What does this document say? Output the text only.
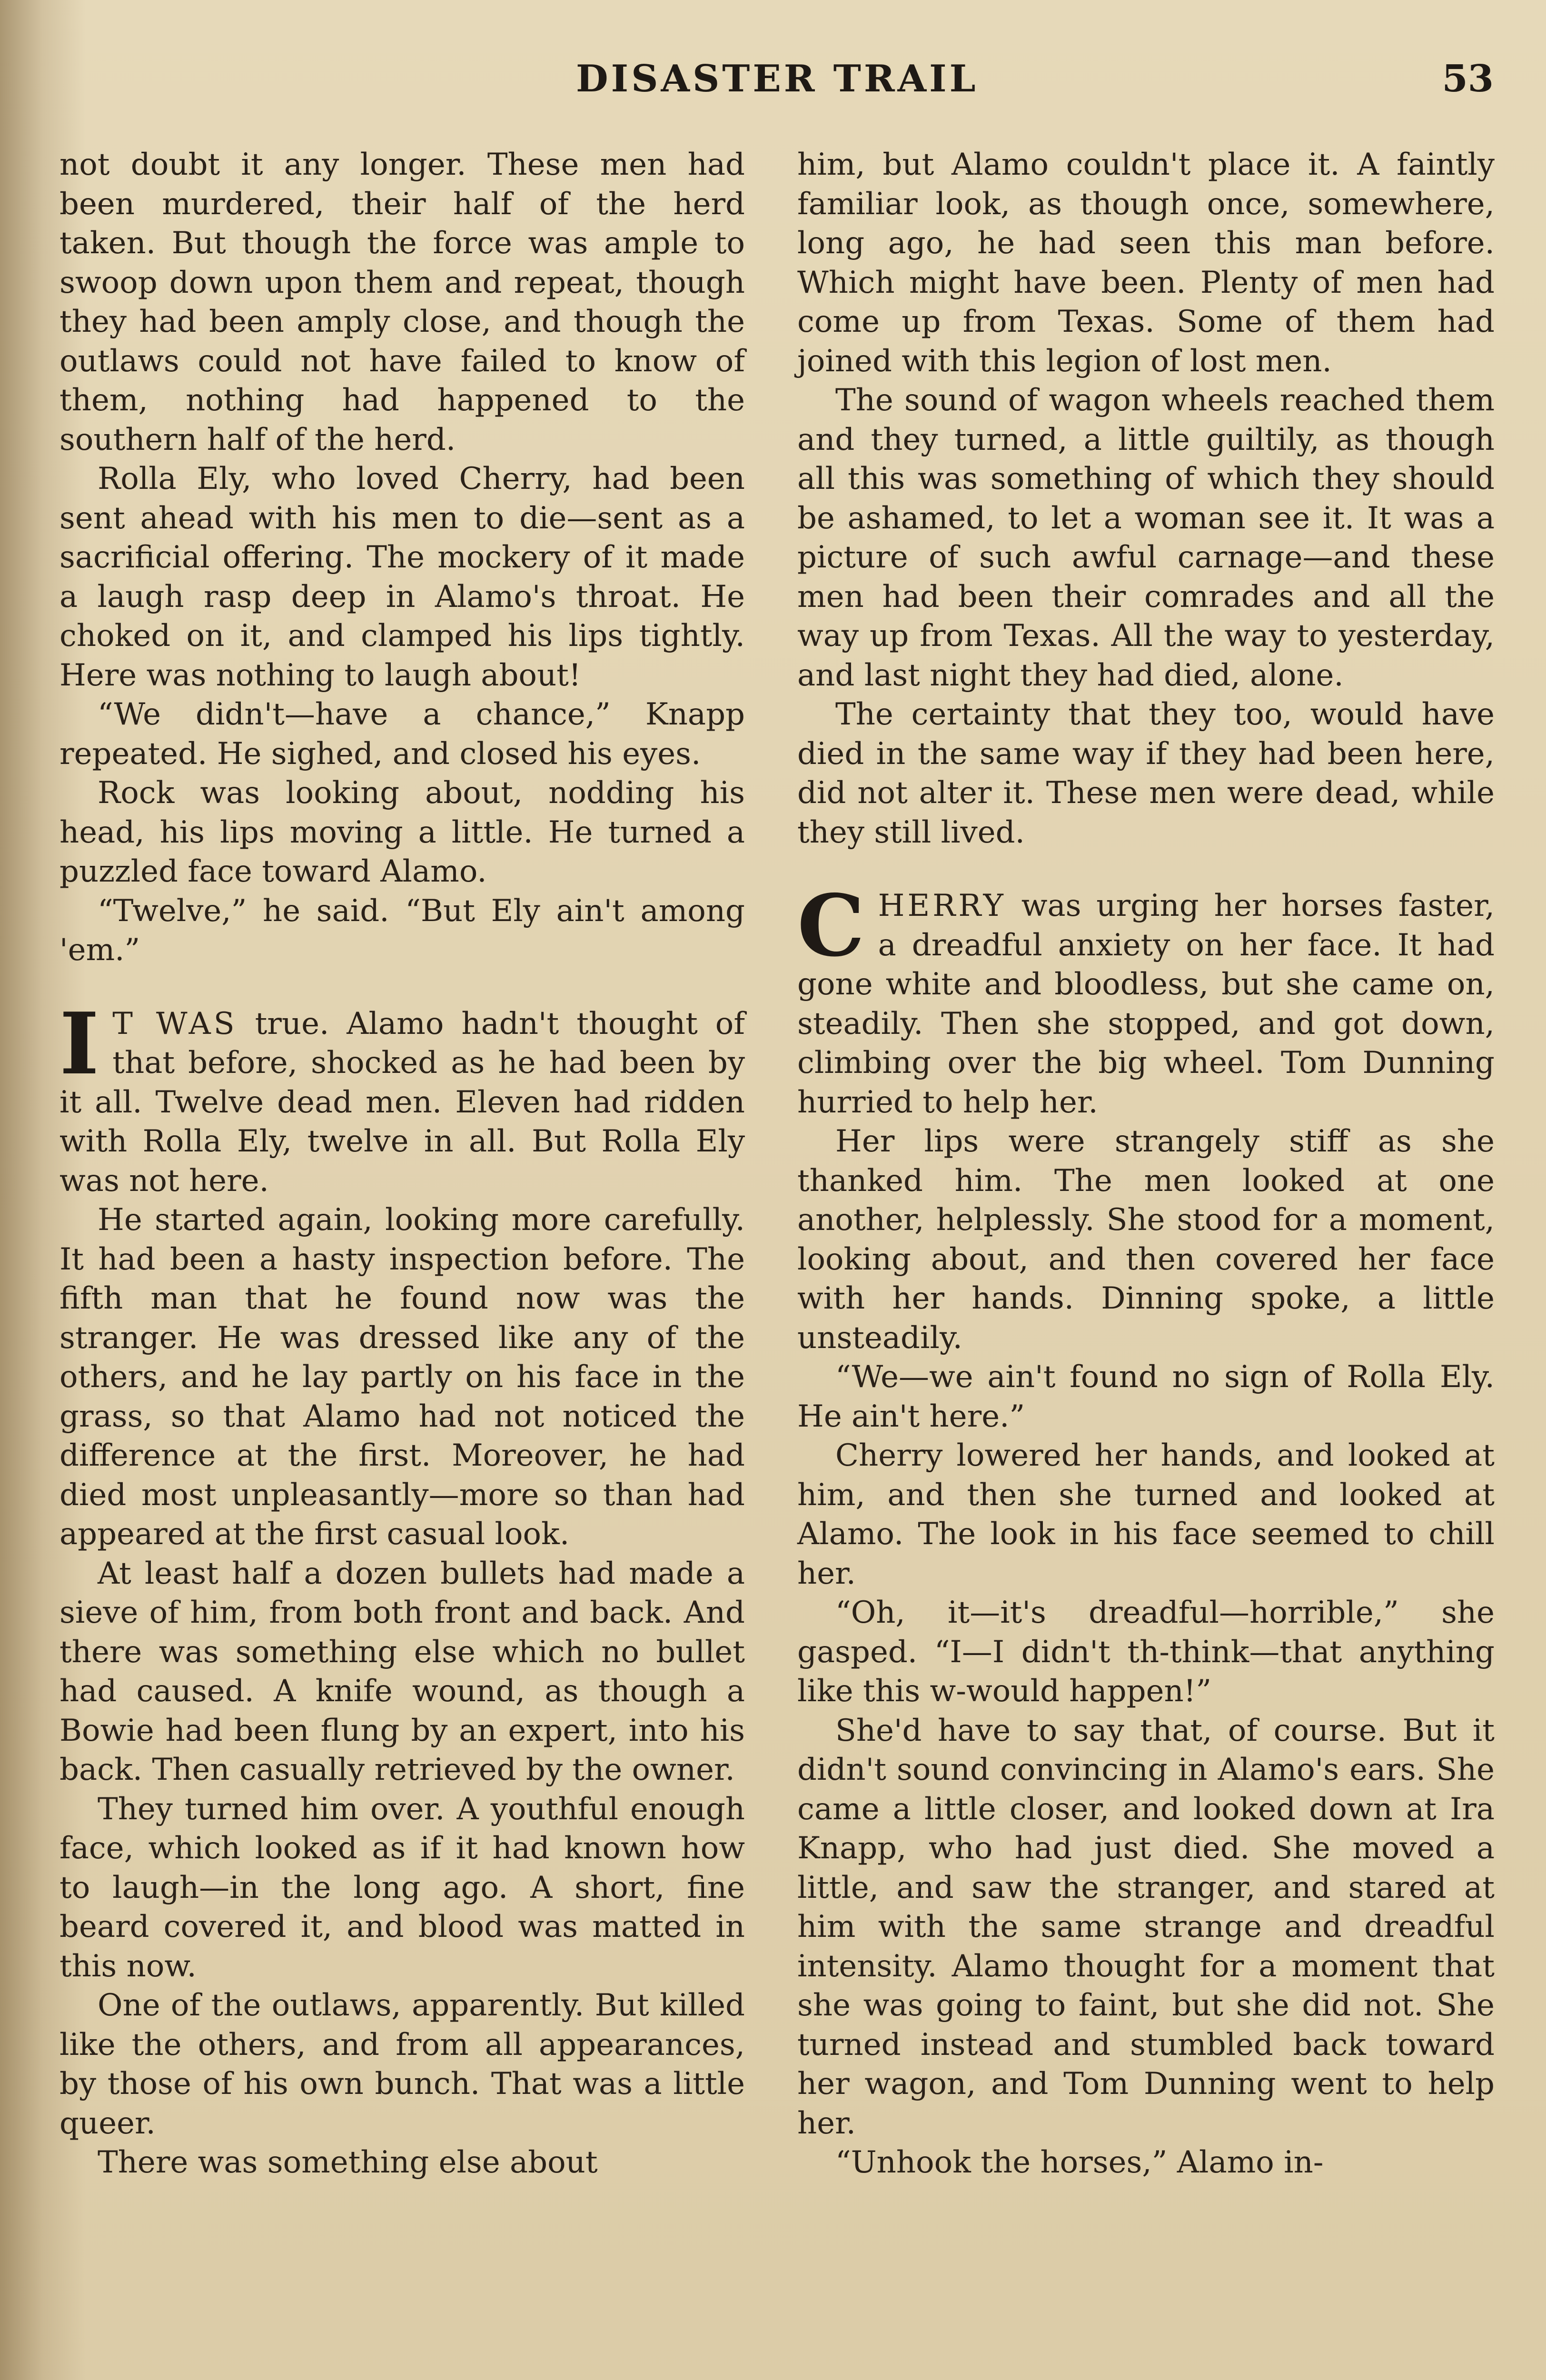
DISASTER TRAIL	53

not doubt it any longer. These men had been murdered, their half of the herd taken. But though the force was ample to swoop down upon them and repeat, though they had been amply close, and though the outlaws could not have failed to know of them, nothing had happened to the southern half of the herd.

Rolla Ely, who loved Cherry, had been sent ahead with his men to die—sent as a sacrificial offering. The mockery of it made a laugh rasp deep in Alamo's throat. He choked on it, and clamped his lips tightly. Here was nothing to laugh about!

“We didn't—have a chance,” Knapp repeated. He sighed, and closed his eyes.

Rock was looking about, nodding his head, his lips moving a little. He turned a puzzled face toward Alamo.

“Twelve,” he said. “But Ely ain't among 'em.”

I T WAS true. Alamo hadn't thought of that before, shocked as he had been by it all. Twelve dead men. Eleven had ridden with Rolla Ely, twelve in all. But Rolla Ely was not here.

He started again, looking more carefully. It had been a hasty inspection before. The fifth man that he found now was the stranger. He was dressed like any of the others, and he lay partly on his face in the grass, so that Alamo had not noticed the difference at the first. Moreover, he had died most unpleasantly—more so than had appeared at the first casual look.

At least half a dozen bullets had made a sieve of him, from both front and back. And there was something else which no bullet had caused. A knife wound, as though a Bowie had been flung by an expert, into his back. Then casually retrieved by the owner.

They turned him over. A youthful enough face, which looked as if it had known how to laugh—in the long ago. A short, fine beard covered it, and blood was matted in this now.

One of the outlaws, apparently. But killed like the others, and from all appearances, by those of his own bunch. That was a little queer.

There was something else about

him, but Alamo couldn't place it. A faintly familiar look, as though once, somewhere, long ago, he had seen this man before. Which might have been. Plenty of men had come up from Texas. Some of them had joined with this legion of lost men.

The sound of wagon wheels reached them and they turned, a little guiltily, as though all this was something of which they should be ashamed, to let a woman see it. It was a picture of such awful carnage—and these men had been their comrades and all the way up from Texas. All the way to yesterday, and last night they had died, alone.

The certainty that they too, would have died in the same way if they had been here, did not alter it. These men were dead, while they still lived.

CHERRY was urging her horses faster, a dreadful anxiety on her face. It had gone white and bloodless, but she came on, steadily. Then she stopped, and got down, climbing over the big wheel. Tom Dunning hurried to help her.

Her lips were strangely stiff as she thanked him. The men looked at one another, helplessly. She stood for a moment, looking about, and then covered her face with her hands. Dinning spoke, a little unsteadily.

“We—we ain't found no sign of Rolla Ely. He ain't here.”

Cherry lowered her hands, and looked at him, and then she turned and looked at Alamo. The look in his face seemed to chill her.

“Oh, it—it's dreadful—horrible,” she gasped. “I—I didn't th-think—that anything like this w-would happen!”

She'd have to say that, of course. But it didn't sound convincing in Alamo's ears. She came a little closer, and looked down at Ira Knapp, who had just died. She moved a little, and saw the stranger, and stared at him with the same strange and dreadful intensity. Alamo thought for a moment that she was going to faint, but she did not. She turned instead and stumbled back toward her wagon, and Tom Dunning went to help her.

“Unhook the horses,” Alamo in-
